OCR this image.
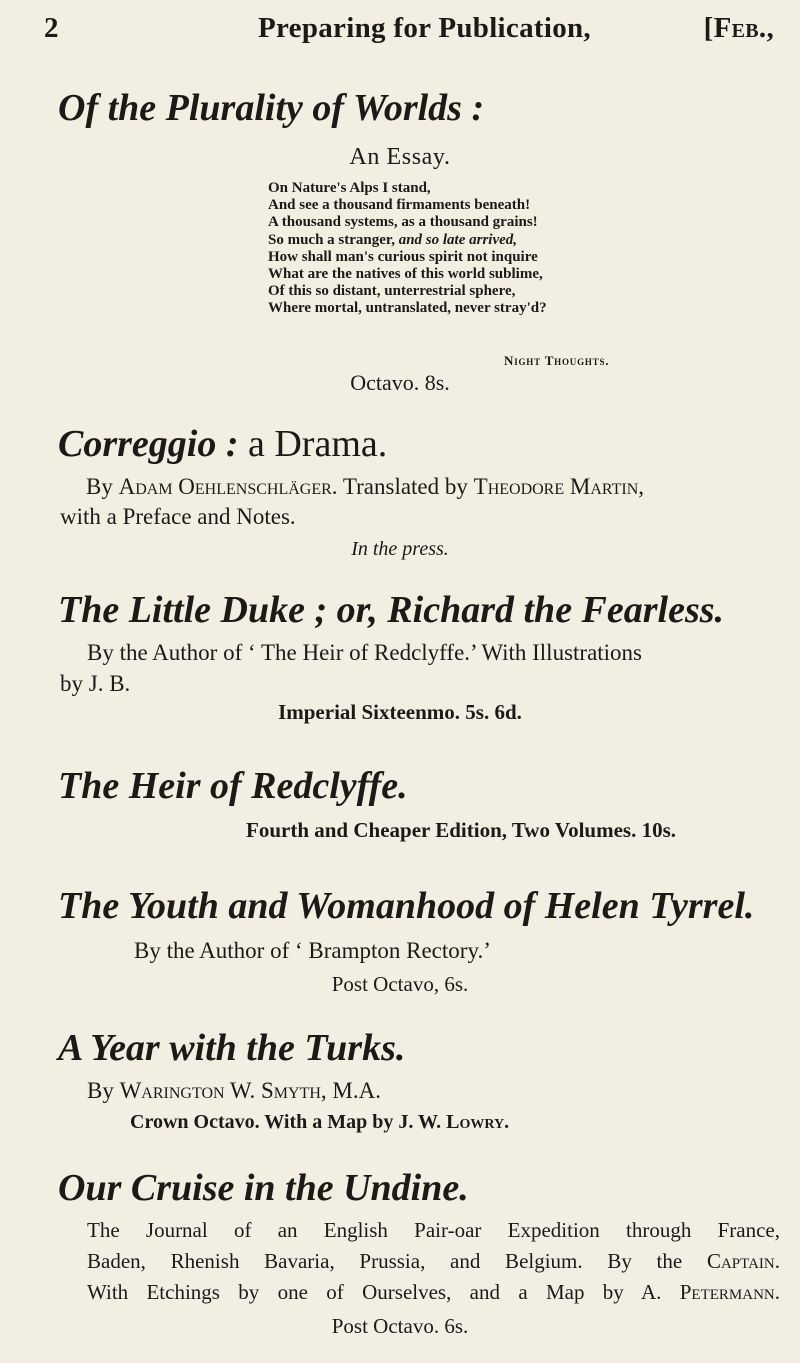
2	Preparing for Publication,	[Feb.,
Of the Plurality of Worlds :

An Essay.

On Nature's Alps I stand,
And see a thousand firmaments beneath!
A thousand systems, as a thousand grains!
So much a stranger, and so late arrived,
How shall man's curious spirit not inquire
What are the natives of this world sublime,
Of this so distant, unterrestrial sphere,
Where mortal, untranslated, never stray'd?
Night Thoughts.

Octavo. 8s.

Correggio : a Drama.

By Adam Oehlenschläger. Translated by Theodore Martin,

with a Preface and Notes.

In the press.

The Little Duke ; or, Richard the Fearless.

By the Author of ‘ The Heir of Redclyffe.’ With Illustrations

by J. B.

Imperial Sixteenmo. 5s. 6d.

The Heir of Redclyffe.

Fourth and Cheaper Edition, Two Volumes. 10s.

The Youth and Womanhood of Helen Tyrrel.

By the Author of ‘ Brampton Rectory.’

Post Octavo, 6s.

A Year with the Turks.

By Warington W. Smyth, M.A.

Crown Octavo. With a Map by J. W. Lowry.

Our Cruise in the Undine.

The Journal of an English Pair-oar Expedition through France,

Baden, Rhenish Bavaria, Prussia, and Belgium. By the Captain.

With Etchings by one of Ourselves, and a Map by A. Petermann.

Post Octavo. 6s.
